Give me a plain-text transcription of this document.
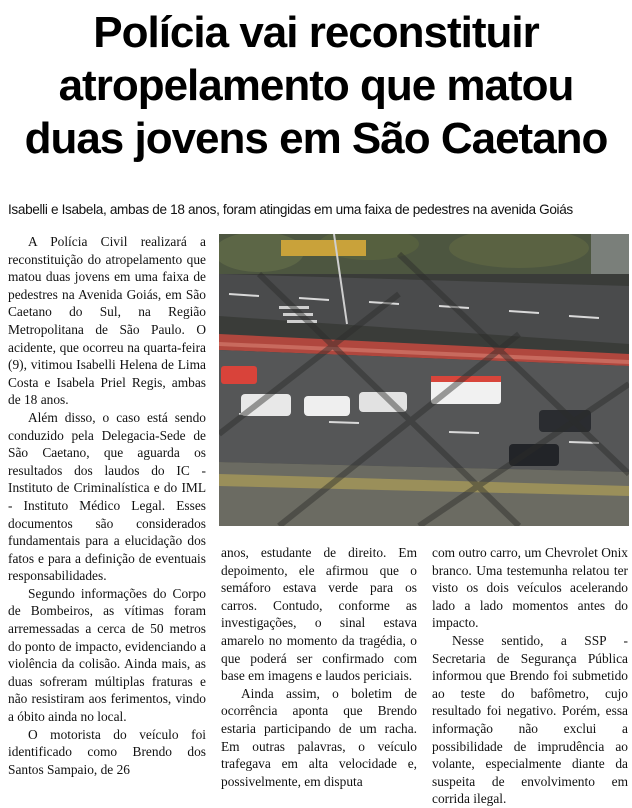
Polícia vai reconstituir
atropelamento que matou
duas jovens em São Caetano
Isabelli e Isabela, ambas de 18 anos, foram atingidas em uma faixa de pedestres na avenida Goiás

A Polícia Civil realizará a reconstituição do atropelamento que matou duas jovens em uma faixa de pedestres na Avenida Goiás, em São Caetano do Sul, na Região Metropolitana de São Paulo. O acidente, que ocorreu na quarta-feira (9), vitimou Isabelli Helena de Lima Costa e Isabela Priel Regis, ambas de 18 anos.

Além disso, o caso está sendo conduzido pela Delegacia-Sede de São Caetano, que aguarda os resultados dos laudos do IC - Instituto de Criminalística e do IML - Instituto Médico Legal. Esses documentos são considerados fundamentais para a elucidação dos fatos e para a definição de eventuais responsabilidades.

Segundo informações do Corpo de Bombeiros, as vítimas foram arremessadas a cerca de 50 metros do ponto de impacto, evidenciando a violência da colisão. Ainda mais, as duas sofreram múltiplas fraturas e não resistiram aos ferimentos, vindo a óbito ainda no local.

O motorista do veículo foi identificado como Brendo dos Santos Sampaio, de 26

anos, estudante de direito. Em depoimento, ele afirmou que o semáforo estava verde para os carros. Contudo, conforme as investigações, o sinal estava amarelo no momento da tragédia, o que poderá ser confirmado com base em imagens e laudos periciais.

Ainda assim, o boletim de ocorrência aponta que Brendo estaria participando de um racha. Em outras palavras, o veículo trafegava em alta velocidade e, possivelmente, em disputa

com outro carro, um Chevrolet Onix branco. Uma testemunha relatou ter visto os dois veículos acelerando lado a lado momentos antes do impacto.

Nesse sentido, a SSP - Secretaria de Segurança Pública informou que Brendo foi submetido ao teste do bafômetro, cujo resultado foi negativo. Porém, essa informação não exclui a possibilidade de imprudência ao volante, especialmente diante da suspeita de envolvimento em corrida ilegal.
